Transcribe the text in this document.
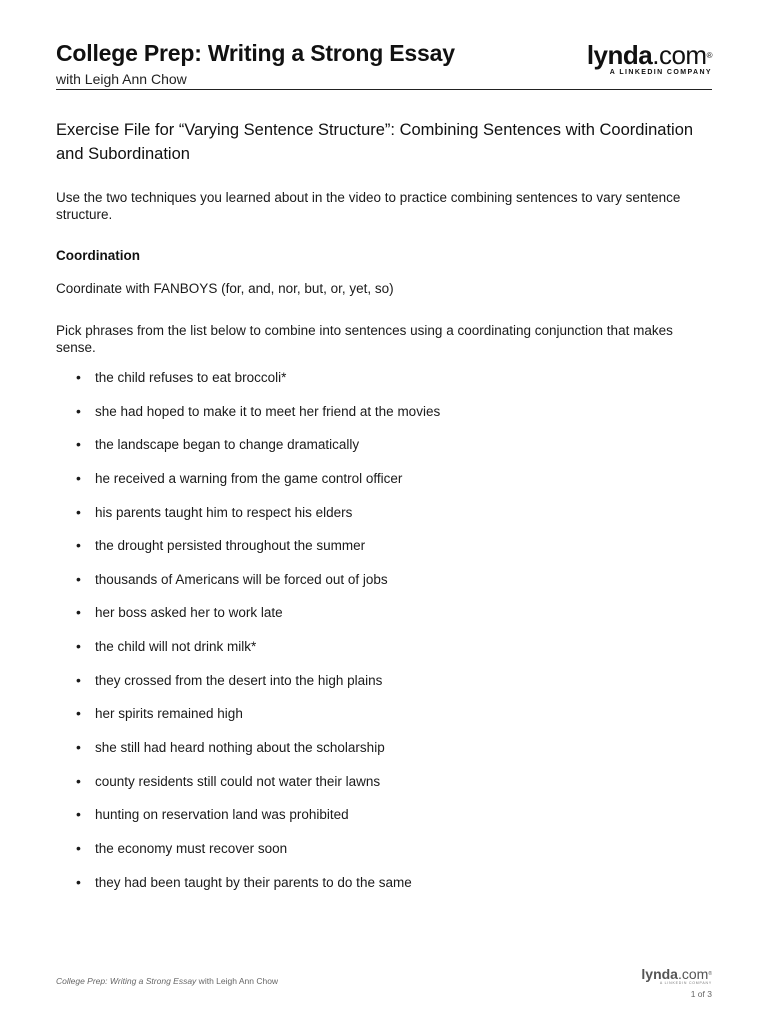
College Prep: Writing a Strong Essay
with Leigh Ann Chow
lynda.com®
A LINKEDIN COMPANY
Exercise File for “Varying Sentence Structure”: Combining Sentences with Coordination and Subordination
Use the two techniques you learned about in the video to practice combining sentences to vary sentence structure.
Coordination
Coordinate with FANBOYS (for, and, nor, but, or, yet, so)
Pick phrases from the list below to combine into sentences using a coordinating conjunction that makes sense.
• the child refuses to eat broccoli*
• she had hoped to make it to meet her friend at the movies
• the landscape began to change dramatically
• he received a warning from the game control officer
• his parents taught him to respect his elders
• the drought persisted throughout the summer
• thousands of Americans will be forced out of jobs
• her boss asked her to work late
• the child will not drink milk*
• they crossed from the desert into the high plains
• her spirits remained high
• she still had heard nothing about the scholarship
• county residents still could not water their lawns
• hunting on reservation land was prohibited
• the economy must recover soon
• they had been taught by their parents to do the same
College Prep: Writing a Strong Essay with Leigh Ann Chow	lynda.com®
A LINKEDIN COMPANY
1 of 3
